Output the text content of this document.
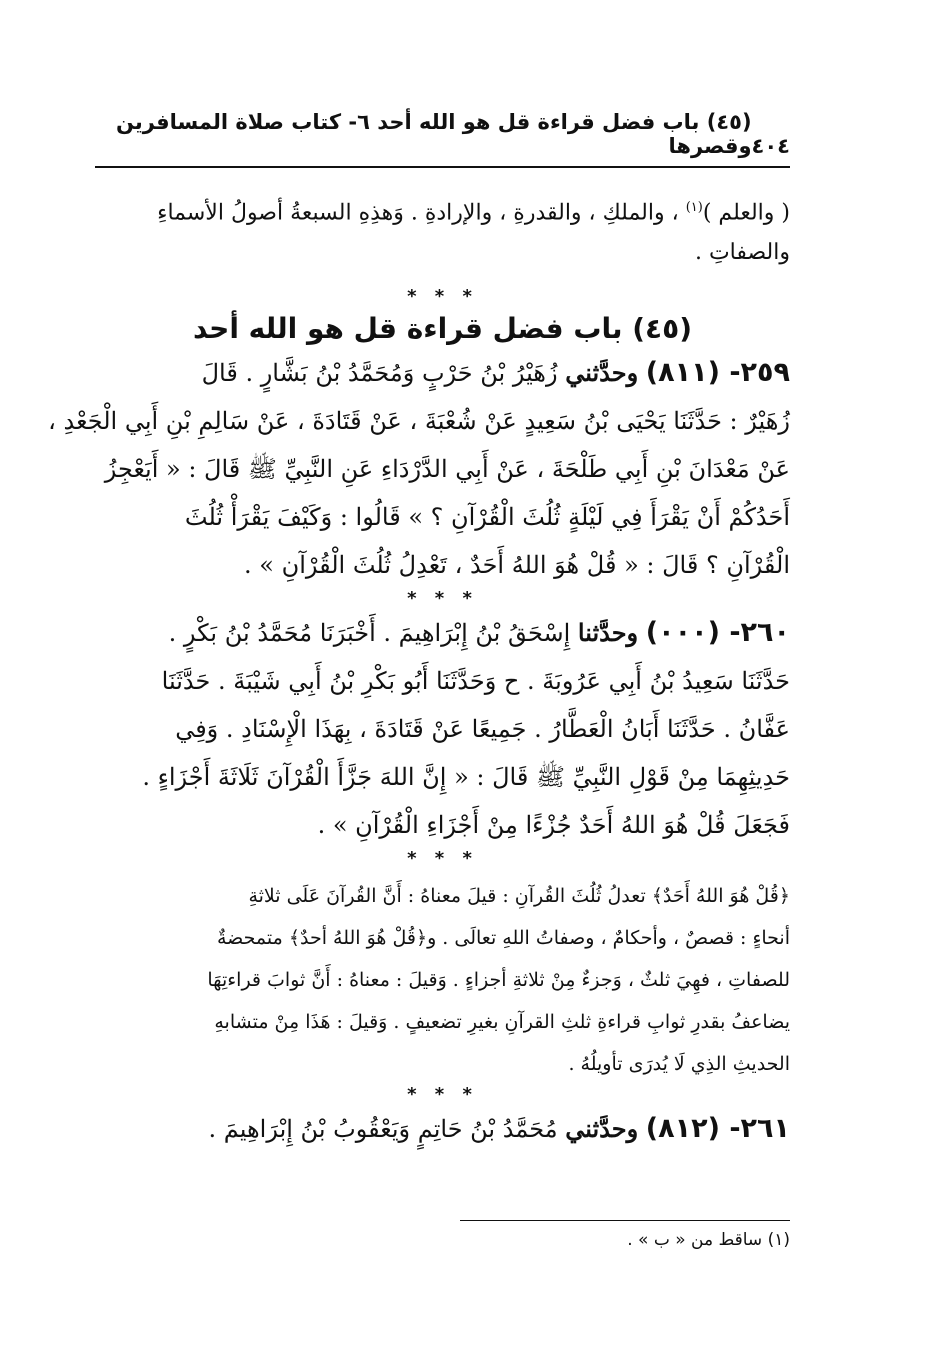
٤٠٤
(٤٥) باب فضل قراءة قل هو الله أحد ٦- كتاب صلاة المسافرين وقصرها
( والعلم )$^{(١)}$ ، والملكِ ، والقدرةِ ، والإرادةِ . وَهذِهِ السبعةُ أصولُ الأسماءِ
والصفاتِ .
* * *
(٤٥) باب فضل قراءة قل هو الله أحد
٢٥٩- (٨١١) وحدَّثني زُهَيْرُ بْنُ حَرْبٍ وَمُحَمَّدُ بْنُ بَشَّارٍ . قَالَ
زُهَيْرٌ : حَدَّثَنَا يَحْيَى بْنُ سَعِيدٍ عَنْ شُعْبَةَ ، عَنْ قَتَادَةَ ، عَنْ سَالِمِ بْنِ أَبِي الْجَعْدِ ،
عَنْ مَعْدَانَ بْنِ أَبِي طَلْحَةَ ، عَنْ أَبِي الدَّرْدَاءِ عَنِ النَّبِيِّ ﷺ قَالَ : « أَيَعْجِزُ
أَحَدُكُمْ أَنْ يَقْرَأَ فِي لَيْلَةٍ ثُلُثَ الْقُرْآنِ ؟ » قَالُوا : وَكَيْفَ يَقْرَأْ ثُلُثَ
الْقُرْآنِ ؟ قَالَ : « قُلْ هُوَ اللهُ أَحَدٌ ، تَعْدِلُ ثُلُثَ الْقُرْآنِ » .
* * *
٢٦٠- (٠٠٠) وحدَّثنا إِسْحَقُ بْنُ إِبْرَاهِيمَ . أَخْبَرَنَا مُحَمَّدُ بْنُ بَكْرٍ .
حَدَّثَنَا سَعِيدُ بْنُ أَبِي عَرُوبَةَ . ح وَحَدَّثَنَا أَبُو بَكْرِ بْنُ أَبِي شَيْبَةَ . حَدَّثَنَا
عَفَّانُ . حَدَّثَنَا أَبَانُ الْعَطَّارُ . جَمِيعًا عَنْ قَتَادَةَ ، بِهَذَا الْإِسْنَادِ . وَفِي
حَدِيثِهِمَا مِنْ قَوْلِ النَّبِيِّ ﷺ قَالَ : « إِنَّ اللهَ جَزَّأَ الْقُرْآنَ ثَلَاثَةَ أَجْزَاءٍ .
فَجَعَلَ قُلْ هُوَ اللهُ أَحَدٌ جُزْءًا مِنْ أَجْزَاءِ الْقُرْآنِ » .
* * *
﴿قُلْ هُوَ اللهُ أَحَدٌ﴾ تعدلُ ثُلُثَ القُرآنِ : قيلَ معناهُ : أَنَّ القُرآنَ عَلَى ثلاثةِ
أنحاءٍ : قصصٌ ، وأحكامٌ ، وصفاتُ اللهِ تعالَى . و﴿قُلْ هُوَ اللهُ أحدٌ﴾ متمحضةٌ
للصفاتِ ، فهِيَ ثلثٌ ، وَجزءٌ مِنْ ثلاثةِ أجزاءٍ . وَقيلَ : معناهُ : أَنَّ ثوابَ قراءتِهَا
يضاعفُ بقدرِ ثوابِ قراءةِ ثلثِ القرآنِ بغيرِ تضعيفٍ . وَقيلَ : هَذَا مِنْ متشابهِ
الحديثِ الذِي لَا يُدرَى تأويلُهُ .
* * *
٢٦١- (٨١٢) وحدَّثني مُحَمَّدُ بْنُ حَاتِمٍ وَيَعْقُوبُ بْنُ إِبْرَاهِيمَ .
(١) ساقط من « ب » .
